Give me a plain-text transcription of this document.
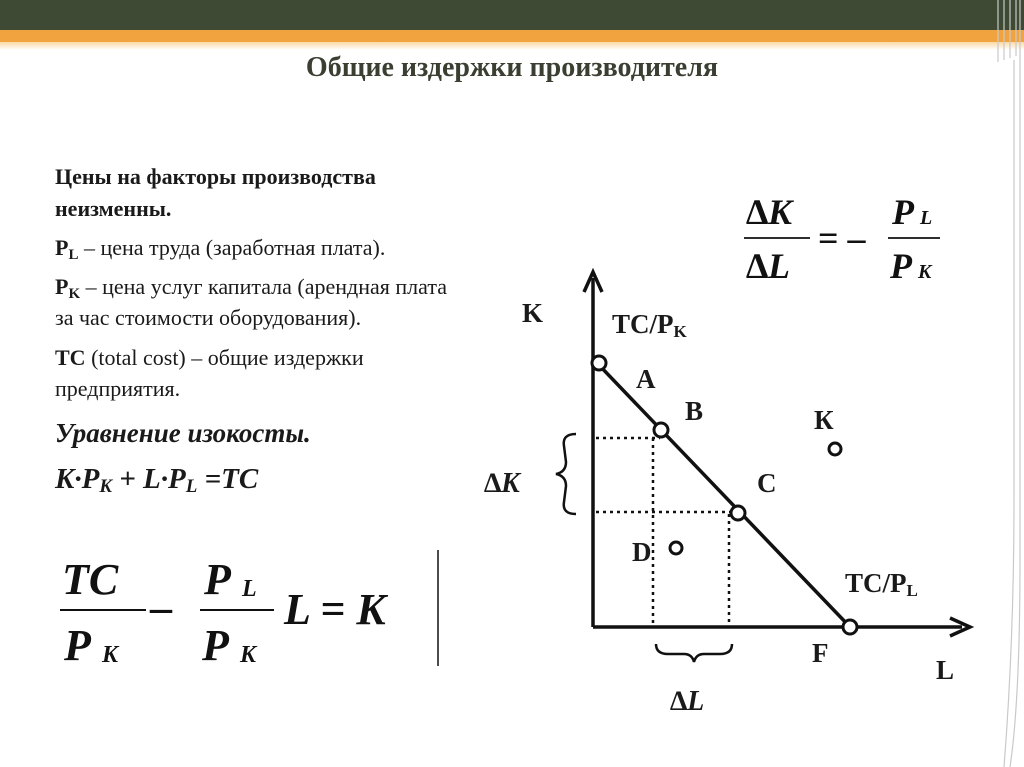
Общие издержки производителя
Цены на факторы производства
неизменны.
$P_L$ – цена труда (заработная плата).
$P_K$ – цена услуг капитала (арендная плата
за час стоимости оборудования).
TC (total cost) – общие издержки
предприятия.
Уравнение изокосты.
$K\cdot P_K + L\cdot P_L =TC$
TC
P K
–
P L
P K
L = K
∆K
∆L
= –
P L
P K
K
L
$TC/P_K$
$TC/P_L$
A
B
C
D
F
К
∆K
∆L
